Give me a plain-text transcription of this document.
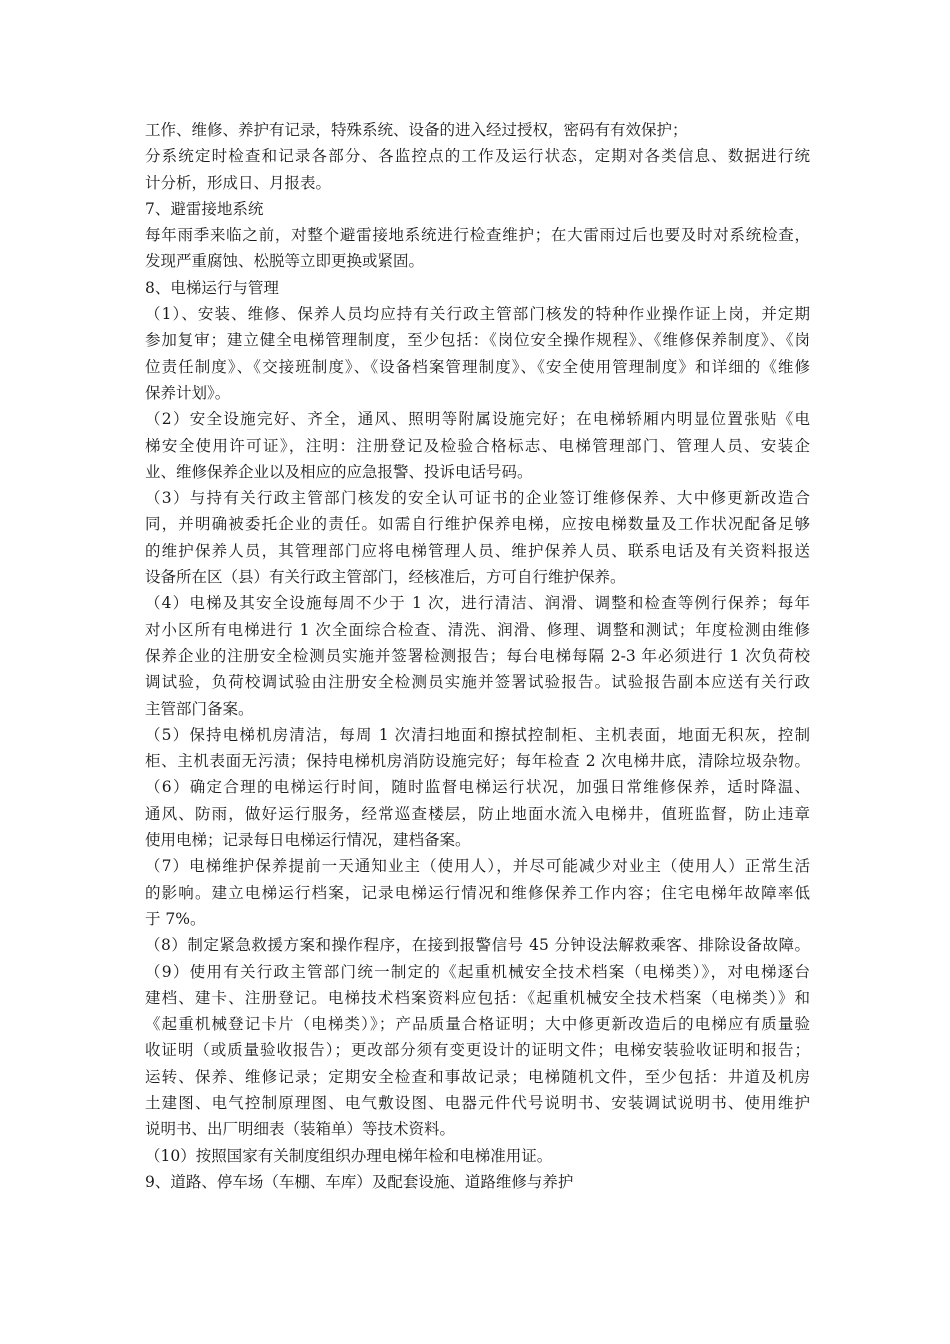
工作、维修、养护有记录，特殊系统、设备的进入经过授权，密码有有效保护；
分系统定时检查和记录各部分、各监控点的工作及运行状态，定期对各类信息、数据进行统
计分析，形成日、月报表。
7、避雷接地系统
每年雨季来临之前，对整个避雷接地系统进行检查维护；在大雷雨过后也要及时对系统检查，
发现严重腐蚀、松脱等立即更换或紧固。
8、电梯运行与管理
（1）、安装、维修、保养人员均应持有关行政主管部门核发的特种作业操作证上岗，并定期
参加复审；建立健全电梯管理制度，至少包括：《岗位安全操作规程》、《维修保养制度》、《岗
位责任制度》、《交接班制度》、《设备档案管理制度》、《安全使用管理制度》和详细的《维修
保养计划》。
（2）安全设施完好、齐全，通风、照明等附属设施完好；在电梯轿厢内明显位置张贴《电
梯安全使用许可证》，注明：注册登记及检验合格标志、电梯管理部门、管理人员、安装企
业、维修保养企业以及相应的应急报警、投诉电话号码。
（3）与持有关行政主管部门核发的安全认可证书的企业签订维修保养、大中修更新改造合
同，并明确被委托企业的责任。如需自行维护保养电梯，应按电梯数量及工作状况配备足够
的维护保养人员，其管理部门应将电梯管理人员、维护保养人员、联系电话及有关资料报送
设备所在区（县）有关行政主管部门，经核准后，方可自行维护保养。
（4）电梯及其安全设施每周不少于 1 次，进行清洁、润滑、调整和检查等例行保养；每年
对小区所有电梯进行 1 次全面综合检查、清洗、润滑、修理、调整和测试；年度检测由维修
保养企业的注册安全检测员实施并签署检测报告；每台电梯每隔 2-3 年必须进行 1 次负荷校
调试验，负荷校调试验由注册安全检测员实施并签署试验报告。试验报告副本应送有关行政
主管部门备案。
（5）保持电梯机房清洁，每周 1 次清扫地面和擦拭控制柜、主机表面，地面无积灰，控制
柜、主机表面无污渍；保持电梯机房消防设施完好；每年检查 2 次电梯井底，清除垃圾杂物。
（6）确定合理的电梯运行时间，随时监督电梯运行状况，加强日常维修保养，适时降温、
通风、防雨，做好运行服务，经常巡查楼层，防止地面水流入电梯井，值班监督，防止违章
使用电梯；记录每日电梯运行情况，建档备案。
（7）电梯维护保养提前一天通知业主（使用人），并尽可能减少对业主（使用人）正常生活
的影响。建立电梯运行档案，记录电梯运行情况和维修保养工作内容；住宅电梯年故障率低
于 7%。
（8）制定紧急救援方案和操作程序，在接到报警信号 45 分钟设法解救乘客、排除设备故障。
（9）使用有关行政主管部门统一制定的《起重机械安全技术档案（电梯类）》，对电梯逐台
建档、建卡、注册登记。电梯技术档案资料应包括：《起重机械安全技术档案（电梯类）》和
《起重机械登记卡片（电梯类）》；产品质量合格证明；大中修更新改造后的电梯应有质量验
收证明（或质量验收报告）；更改部分须有变更设计的证明文件；电梯安装验收证明和报告；
运转、保养、维修记录；定期安全检查和事故记录；电梯随机文件，至少包括：井道及机房
土建图、电气控制原理图、电气敷设图、电器元件代号说明书、安装调试说明书、使用维护
说明书、出厂明细表（装箱单）等技术资料。
（10）按照国家有关制度组织办理电梯年检和电梯准用证。
9、道路、停车场（车棚、车库）及配套设施、道路维修与养护
